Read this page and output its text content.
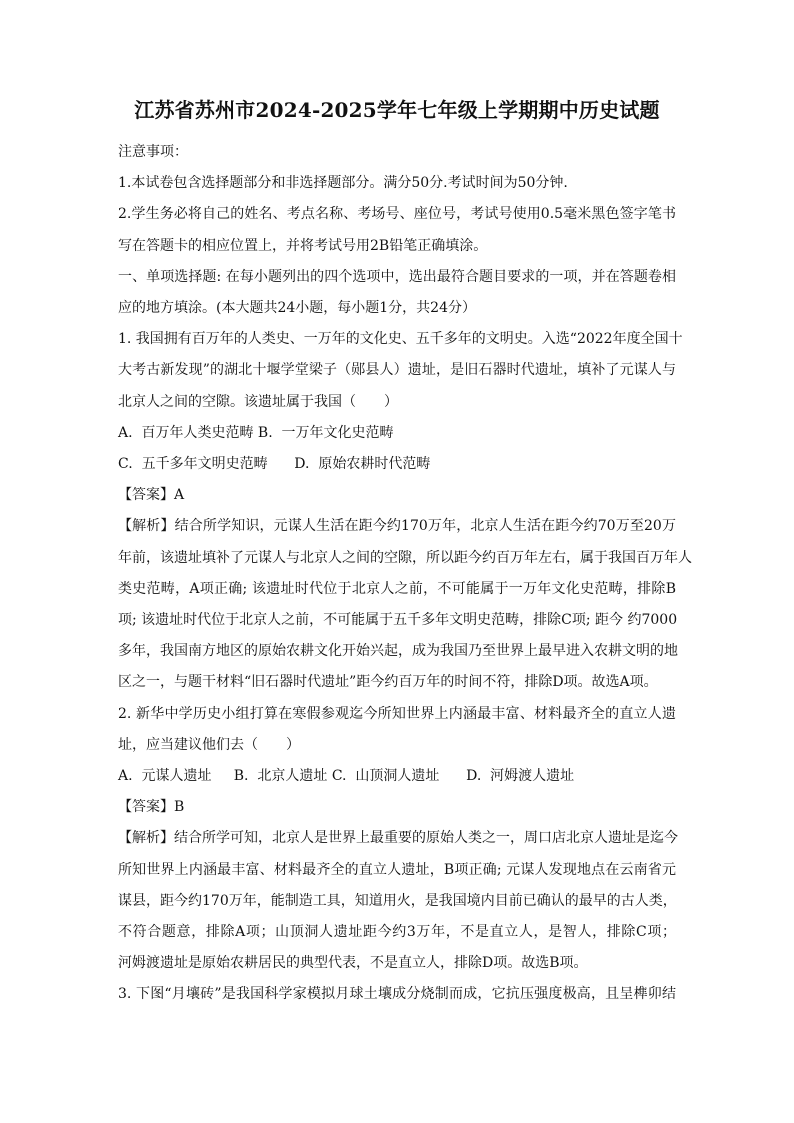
江苏省苏州市2024-2025学年七年级上学期期中历史试题

注意事项：

1.本试卷包含选择题部分和非选择题部分。满分50分.考试时间为50分钟.

2.学生务必将自己的姓名、考点名称、考场号、座位号，考试号使用0.5毫米黑色签字笔书

写在答题卡的相应位置上，并将考试号用2B铅笔正确填涂。

一、单项选择题: 在每小题列出的四个选项中，选出最符合题目要求的一项，并在答题卷相

应的地方填涂。(本大题共24小题，每小题1分，共24分）

1. 我国拥有百万年的人类史、一万年的文化史、五千多年的文明史。入选“2022年度全国十

大考古新发现”的湖北十堰学堂梁子（郧县人）遗址，是旧石器时代遗址，填补了元谋人与

北京人之间的空隙。该遗址属于我国（　　）

A.  百万年人类史范畴 B.  一万年文化史范畴

C.  五千多年文明史范畴 D.  原始农耕时代范畴

【答案】A

【解析】结合所学知识，元谋人生活在距今约170万年，北京人生活在距今约70万至20万

年前，该遗址填补了元谋人与北京人之间的空隙，所以距今约百万年左右，属于我国百万年人

类史范畴，A项正确; 该遗址时代位于北京人之前，不可能属于一万年文化史范畴，排除B

项; 该遗址时代位于北京人之前，不可能属于五千多年文明史范畴，排除C项; 距今 约7000

多年，我国南方地区的原始农耕文化开始兴起，成为我国乃至世界上最早进入农耕文明的地

区之一，与题干材料“旧石器时代遗址”距今约百万年的时间不符，排除D项。故选A项。

2. 新华中学历史小组打算在寒假参观迄今所知世界上内涵最丰富、材料最齐全的直立人遗

址，应当建议他们去（　　）

A.  元谋人遗址 B.  北京人遗址 C.  山顶洞人遗址 D.  河姆渡人遗址

【答案】B

【解析】结合所学可知，北京人是世界上最重要的原始人类之一，周口店北京人遗址是迄今

所知世界上内涵最丰富、材料最齐全的直立人遗址，B项正确; 元谋人发现地点在云南省元

谋县，距今约170万年，能制造工具，知道用火，是我国境内目前已确认的最早的古人类，

不符合题意，排除A项；山顶洞人遗址距今约3万年，不是直立人，是智人，排除C项；

河姆渡遗址是原始农耕居民的典型代表，不是直立人，排除D项。故选B项。

3. 下图“月壤砖”是我国科学家模拟月球土壤成分烧制而成，它抗压强度极高，且呈榫卯结
